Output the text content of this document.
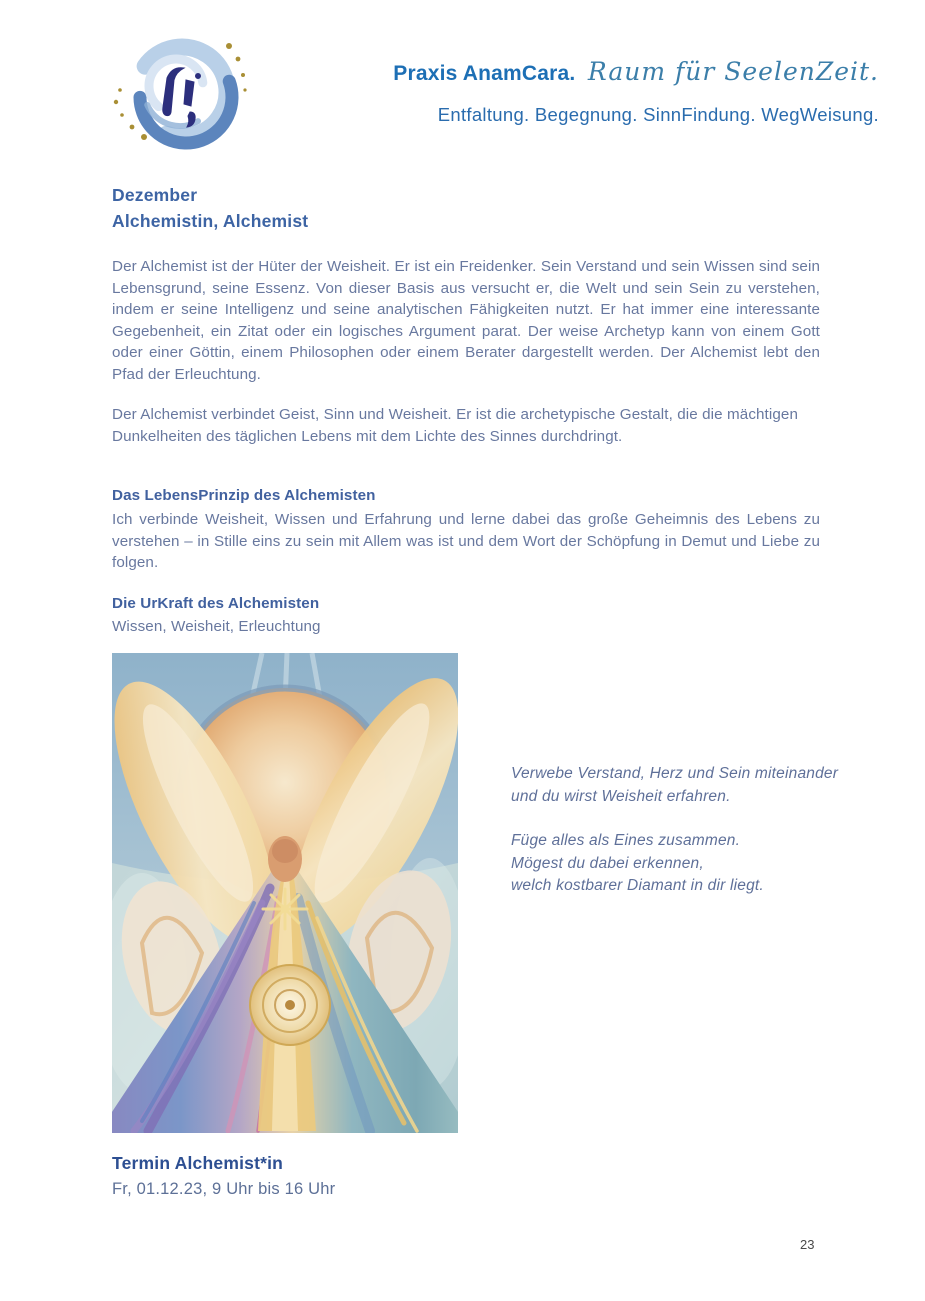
Praxis AnamCara. Raum für SeelenZeit.
Entfaltung. Begegnung. SinnFindung. WegWeisung.
Dezember
Alchemistin, Alchemist

Der Alchemist ist der Hüter der Weisheit. Er ist ein Freidenker. Sein Verstand und sein Wissen sind sein Lebensgrund, seine Essenz. Von dieser Basis aus versucht er, die Welt und sein Sein zu verstehen, indem er seine Intelligenz und seine analytischen Fähigkeiten nutzt. Er hat immer eine interessante Gegebenheit, ein Zitat oder ein logisches Argument parat. Der weise Archetyp kann von einem Gott oder einer Göttin, einem Philosophen oder einem Berater dargestellt werden. Der Alchemist lebt den Pfad der Erleuchtung.

Der Alchemist verbindet Geist, Sinn und Weisheit. Er ist die archetypische Gestalt, die die mächtigen Dunkelheiten des täglichen Lebens mit dem Lichte des Sinnes durchdringt.

Das LebensPrinzip des Alchemisten

Ich verbinde Weisheit, Wissen und Erfahrung und lerne dabei das große Geheimnis des Lebens zu verstehen – in Stille eins zu sein mit Allem was ist und dem Wort der Schöpfung in Demut und Liebe zu folgen.

Die UrKraft des Alchemisten

Wissen, Weisheit, Erleuchtung

Verwebe Verstand, Herz und Sein miteinander
und du wirst Weisheit erfahren.
Füge alles als Eines zusammen.
Mögest du dabei erkennen,
welch kostbarer Diamant in dir liegt.
Termin Alchemist*in
Fr, 01.12.23, 9 Uhr bis 16 Uhr
23
